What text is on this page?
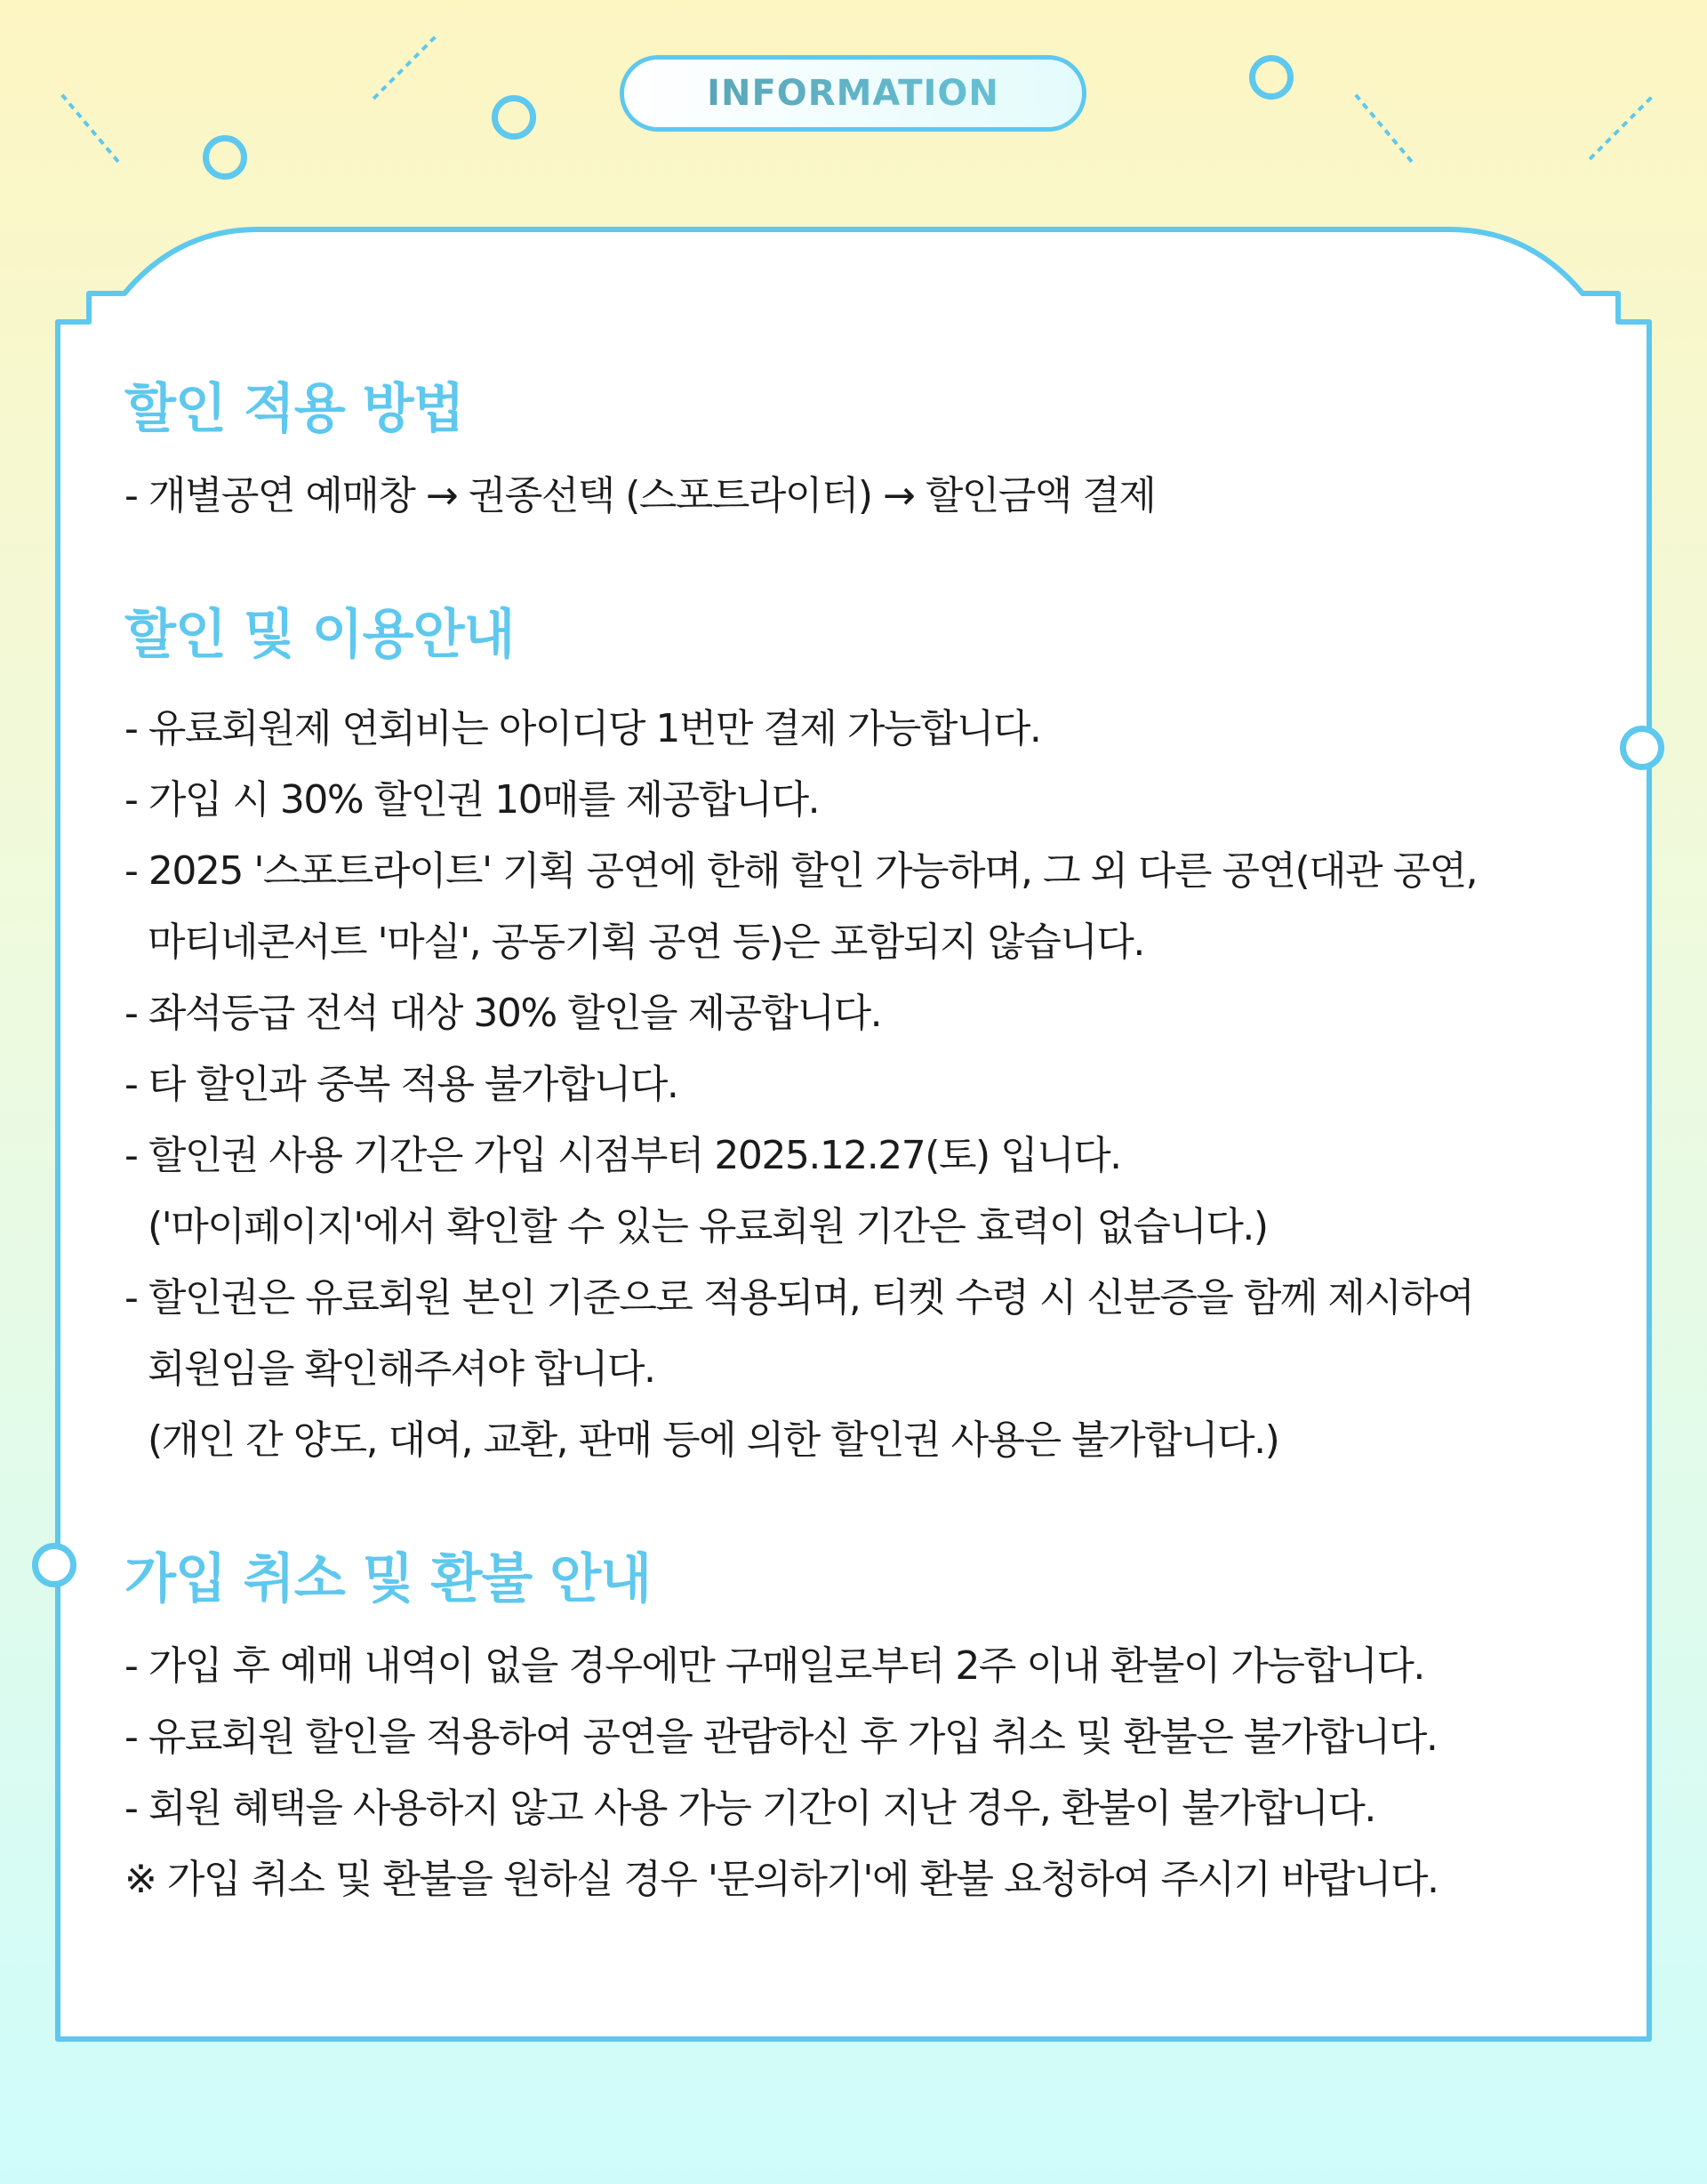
INFORMATION
할인 적용 방법

- 개별공연 예매창 → 권종선택 (스포트라이터) → 할인금액 결제

할인 및 이용안내

- 유료회원제 연회비는 아이디당 1번만 결제 가능합니다.

- 가입 시 30% 할인권 10매를 제공합니다.

- 2025 '스포트라이트' 기획 공연에 한해 할인 가능하며, 그 외 다른 공연(대관 공연,

마티네콘서트 '마실', 공동기획 공연 등)은 포함되지 않습니다.

- 좌석등급 전석 대상 30% 할인을 제공합니다.

- 타 할인과 중복 적용 불가합니다.

- 할인권 사용 기간은 가입 시점부터 2025.12.27(토) 입니다.

('마이페이지'에서 확인할 수 있는 유료회원 기간은 효력이 없습니다.)

- 할인권은 유료회원 본인 기준으로 적용되며, 티켓 수령 시 신분증을 함께 제시하여

회원임을 확인해주셔야 합니다.

(개인 간 양도, 대여, 교환, 판매 등에 의한 할인권 사용은 불가합니다.)

가입 취소 및 환불 안내

- 가입 후 예매 내역이 없을 경우에만 구매일로부터 2주 이내 환불이 가능합니다.

- 유료회원 할인을 적용하여 공연을 관람하신 후 가입 취소 및 환불은 불가합니다.

- 회원 혜택을 사용하지 않고 사용 가능 기간이 지난 경우, 환불이 불가합니다.

※ 가입 취소 및 환불을 원하실 경우 '문의하기'에 환불 요청하여 주시기 바랍니다.
